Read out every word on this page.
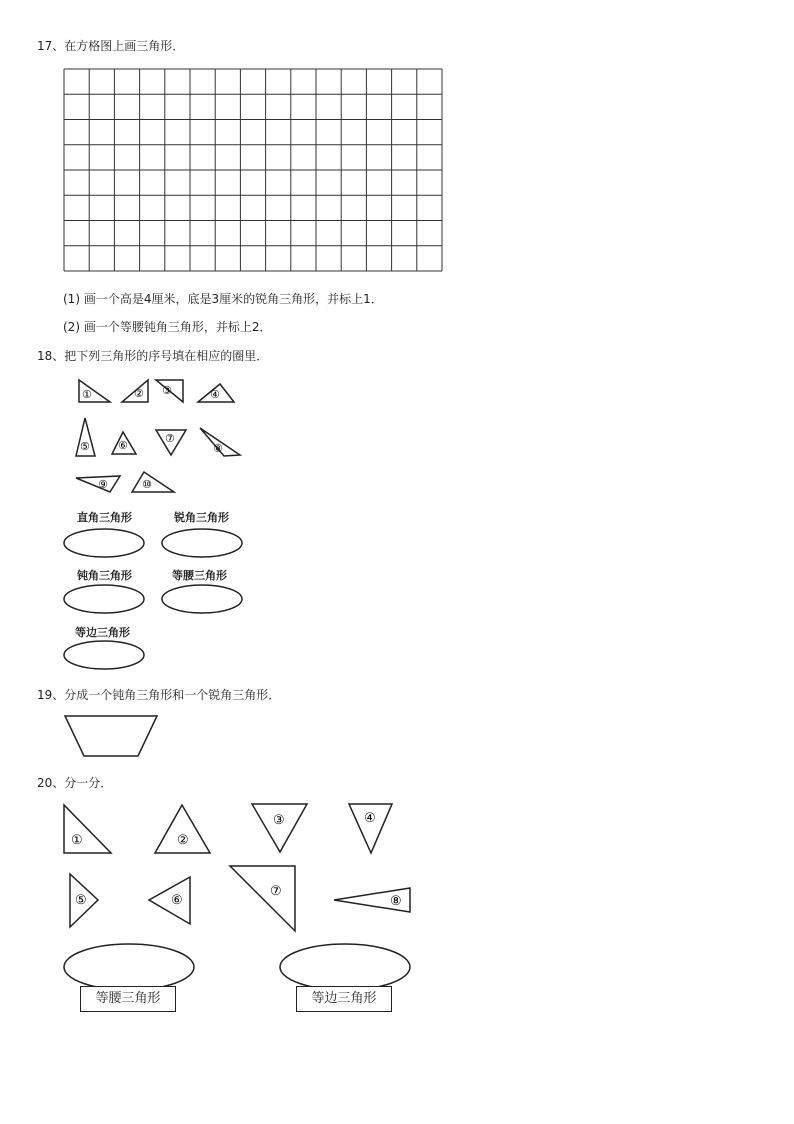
17、在方格图上画三角形．
(1) 画一个高是4厘米，底是3厘米的锐角三角形，并标上1．
(2) 画一个等腰钝角三角形，并标上2．
18、把下列三角形的序号填在相应的圈里．
①	② ③	④
⑤	⑥
⑦
⑧
⑨	⑩
直角三角形	锐角三角形
钝角三角形	等腰三角形
等边三角形
19、分成一个钝角三角形和一个锐角三角形．
20、分一分．
①	②
③	④
⑤	⑥
⑦
⑧
等腰三角形	等边三角形
